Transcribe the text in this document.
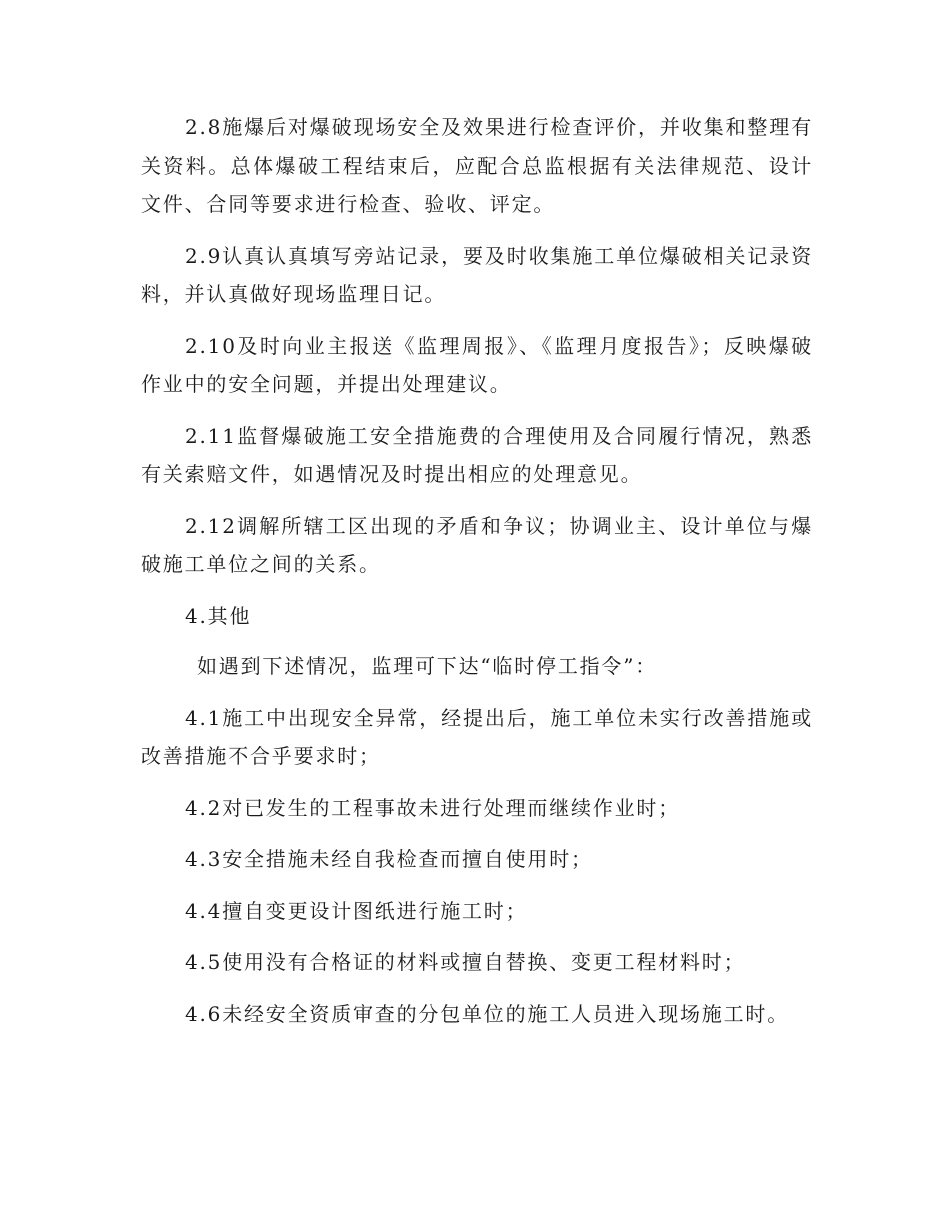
2.8施爆后对爆破现场安全及效果进行检查评价，并收集和整理有关资料。总体爆破工程结束后，应配合总监根据有关法律规范、设计文件、合同等要求进行检查、验收、评定。

2.9认真认真填写旁站记录，要及时收集施工单位爆破相关记录资料，并认真做好现场监理日记。

2.10及时向业主报送《监理周报》、《监理月度报告》；反映爆破作业中的安全问题，并提出处理建议。

2.11监督爆破施工安全措施费的合理使用及合同履行情况，熟悉有关索赔文件，如遇情况及时提出相应的处理意见。

2.12调解所辖工区出现的矛盾和争议；协调业主、设计单位与爆破施工单位之间的关系。

4.其他

如遇到下述情况，监理可下达“临时停工指令”：

4.1施工中出现安全异常，经提出后，施工单位未实行改善措施或改善措施不合乎要求时；

4.2对已发生的工程事故未进行处理而继续作业时；

4.3安全措施未经自我检查而擅自使用时；

4.4擅自变更设计图纸进行施工时；

4.5使用没有合格证的材料或擅自替换、变更工程材料时；

4.6未经安全资质审查的分包单位的施工人员进入现场施工时。
